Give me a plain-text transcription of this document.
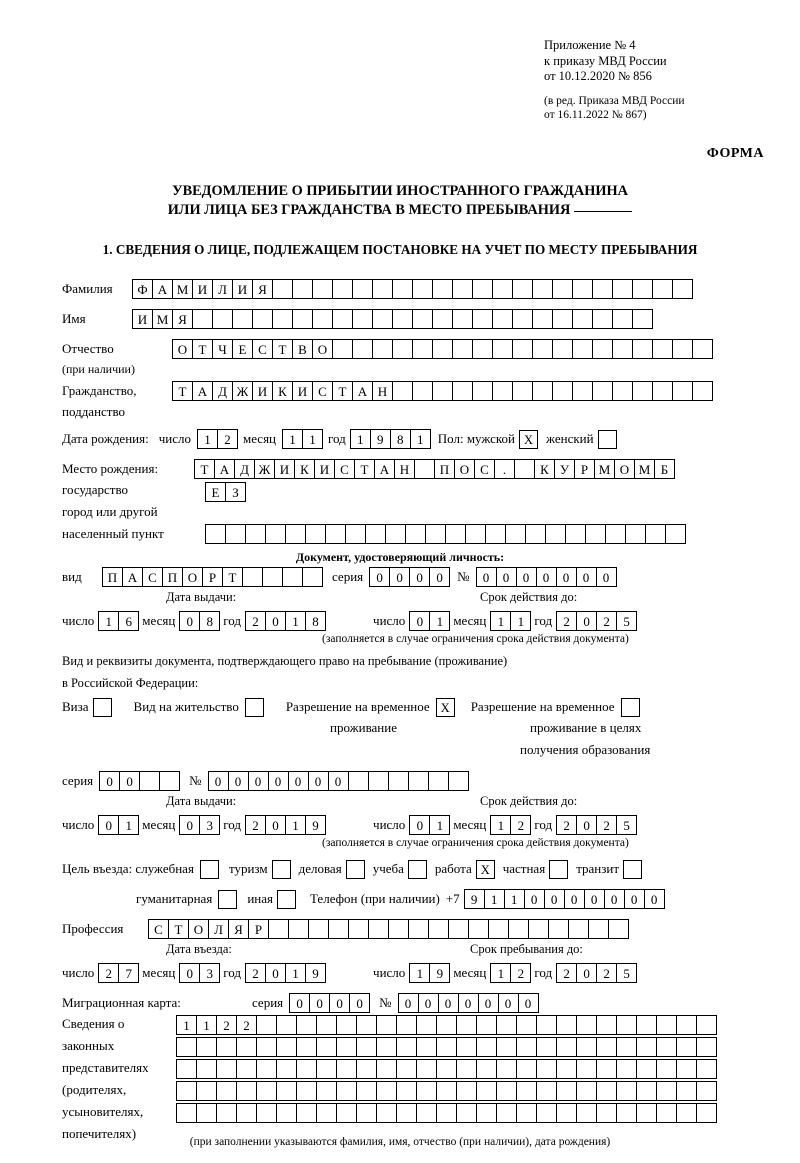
Приложение № 4
к приказу МВД России
от 10.12.2020 № 856
(в ред. Приказа МВД России
от 16.11.2022 № 867)
ФОРМА
УВЕДОМЛЕНИЕ О ПРИБЫТИИ ИНОСТРАННОГО ГРАЖДАНИНА
ИЛИ ЛИЦА БЕЗ ГРАЖДАНСТВА В МЕСТО ПРЕБЫВАНИЯ
1. СВЕДЕНИЯ О ЛИЦЕ, ПОДЛЕЖАЩЕМ ПОСТАНОВКЕ НА УЧЕТ ПО МЕСТУ ПРЕБЫВАНИЯ
Фамилия	Ф А М И Л И Я
Имя	И М Я
Отчество	О Т Ч Е С Т В О
(при наличии)
Гражданство,	Т А Д Ж И К И С Т А Н
подданство
Дата рождения: число	1	2 месяц	1	1 год 1	9	8	1	Пол: мужской X женский
Место рождения:	Т А Д Ж И К И С Т А Н	П О С	.	К У Р М О М Б
государство	Е З
город или другой
населенный пункт
Документ, удостоверяющий личность:
вид	П А С П О Р Т	серия	0	0	0	0	№	0	0	0	0	0	0	0
Дата выдачи:	Срок действия до:
число 1	6 месяц 0	8 год 2	0	1	8	число 0	1 месяц 1	1 год 2	0	2	5
(заполняется в случае ограничения срока действия документа)
Вид и реквизиты документа, подтверждающего право на пребывание (проживание)
в Российской Федерации:
Виза	Вид на жительство	Разрешение на временное X	Разрешение на временное
проживание	проживание в целях
получения образования
серия	0	0	№	0	0	0	0	0	0	0
Дата выдачи:	Срок действия до:
число 0	1 месяц 0	3 год 2	0	1	9	число 0	1 месяц 1	2 год 2	0	2	5
(заполняется в случае ограничения срока действия документа)
Цель въезда: служебная	туризм деловая учеба работа X частная транзит
гуманитарная	иная	Телефон (при наличии) +7 9	1	1	0	0	0	0	0	0	0
Профессия	С Т О Л Я Р
Дата въезда:	Срок пребывания до:
число 2	7 месяц 0	3 год 2	0	1	9	число 1	9 месяц 1	2 год 2	0	2	5
Миграционная карта:	серия	0	0	0	0	№	0	0	0	0	0	0	0
Сведения о
законных
представителях
(родителях,
усыновителях,
попечителях)
1	1	2	2
(при заполнении указываются фамилия, имя, отчество (при наличии), дата рождения)
